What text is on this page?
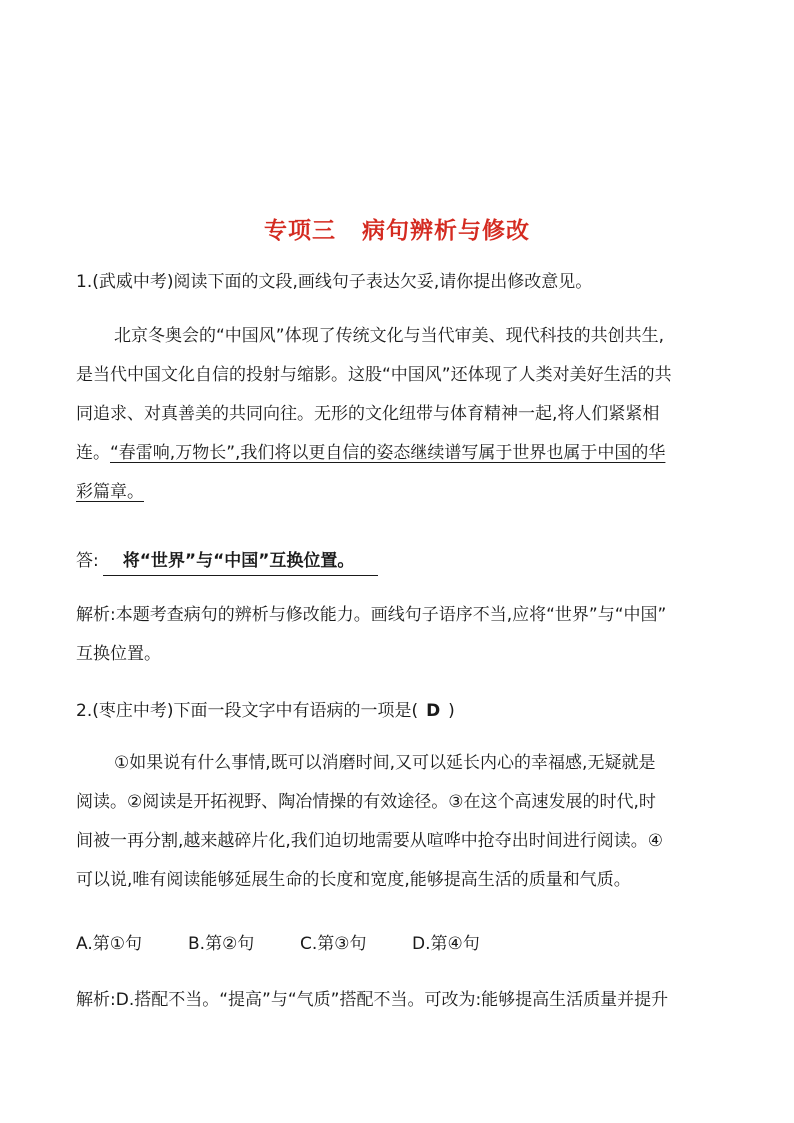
专项三 病句辨析与修改
1.(武威中考)阅读下面的文段,画线句子表达欠妥,请你提出修改意见。
北京冬奥会的“中国风”体现了传统文化与当代审美、现代科技的共创共生,
是当代中国文化自信的投射与缩影。这股“中国风”还体现了人类对美好生活的共
同追求、对真善美的共同向往。无形的文化纽带与体育精神一起,将人们紧紧相
连。“春雷响,万物长”,我们将以更自信的姿态继续谱写属于世界也属于中国的华
彩篇章。
答: 将“世界”与“中国”互换位置。
解析:本题考查病句的辨析与修改能力。画线句子语序不当,应将“世界”与“中国”
互换位置。
2.(枣庄中考)下面一段文字中有语病的一项是( D )
①如果说有什么事情,既可以消磨时间,又可以延长内心的幸福感,无疑就是
阅读。②阅读是开拓视野、陶冶情操的有效途径。③在这个高速发展的时代,时
间被一再分割,越来越碎片化,我们迫切地需要从喧哗中抢夺出时间进行阅读。④
可以说,唯有阅读能够延展生命的长度和宽度,能够提高生活的质量和气质。
A.第①句	B.第②句	C.第③句	D.第④句
解析:D.搭配不当。“提高”与“气质”搭配不当。可改为:能够提高生活质量并提升
